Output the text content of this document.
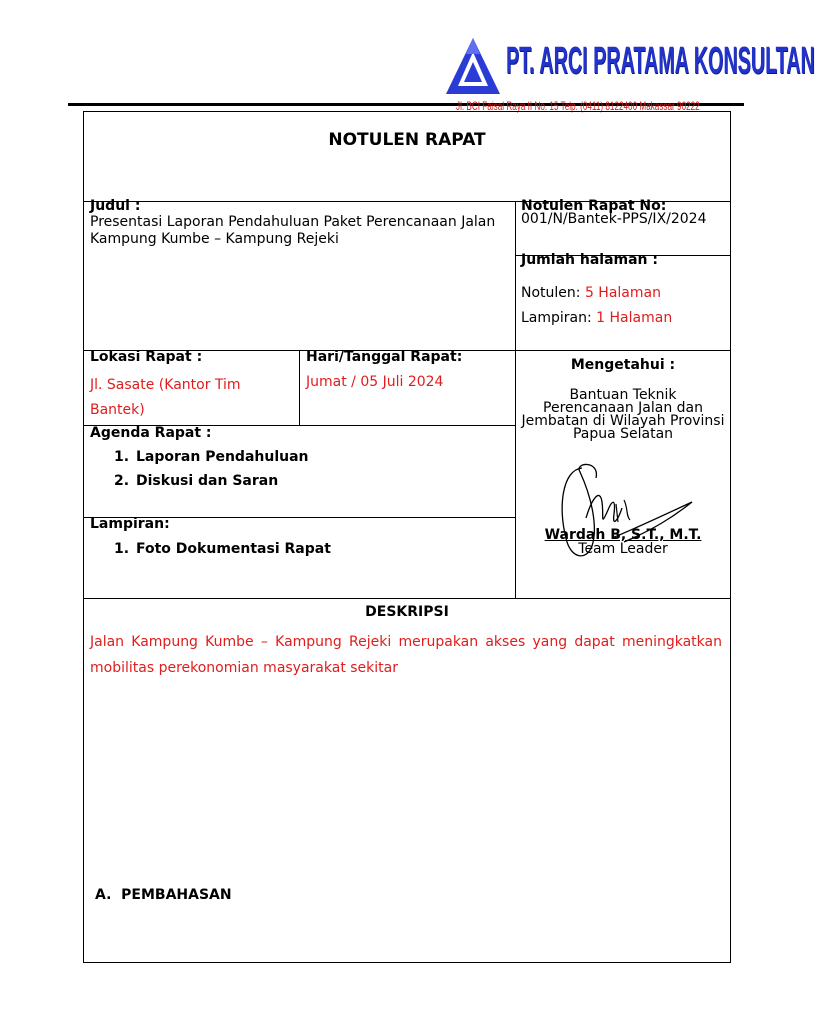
PT. ARCI PRATAMA KONSULTAN
Jl. BCI Faisal Raya II No. 15 Telp. (0411) 8122400 Makassar 90222
NOTULEN RAPAT
Judul :
Presentasi Laporan Pendahuluan Paket Perencanaan Jalan Kampung Kumbe – Kampung Rejeki
Notulen Rapat No:
001/N/Bantek-PPS/IX/2024
Jumlah halaman :
Notulen: 5 Halaman
Lampiran: 1 Halaman
Lokasi Rapat :
Jl. Sasate (Kantor Tim Bantek)
Hari/Tanggal Rapat:
Jumat / 05 Juli 2024
Mengetahui :
Bantuan Teknik
Perencanaan Jalan dan
Jembatan di Wilayah Provinsi
Papua Selatan
Wardah B, S.T., M.T.
Team Leader
Agenda Rapat :
1. Laporan Pendahuluan
2. Diskusi dan Saran
Lampiran:
1. Foto Dokumentasi Rapat
DESKRIPSI
Jalan Kampung Kumbe – Kampung Rejeki merupakan akses yang dapat meningkatkan mobilitas perekonomian masyarakat sekitar
A.  PEMBAHASAN
